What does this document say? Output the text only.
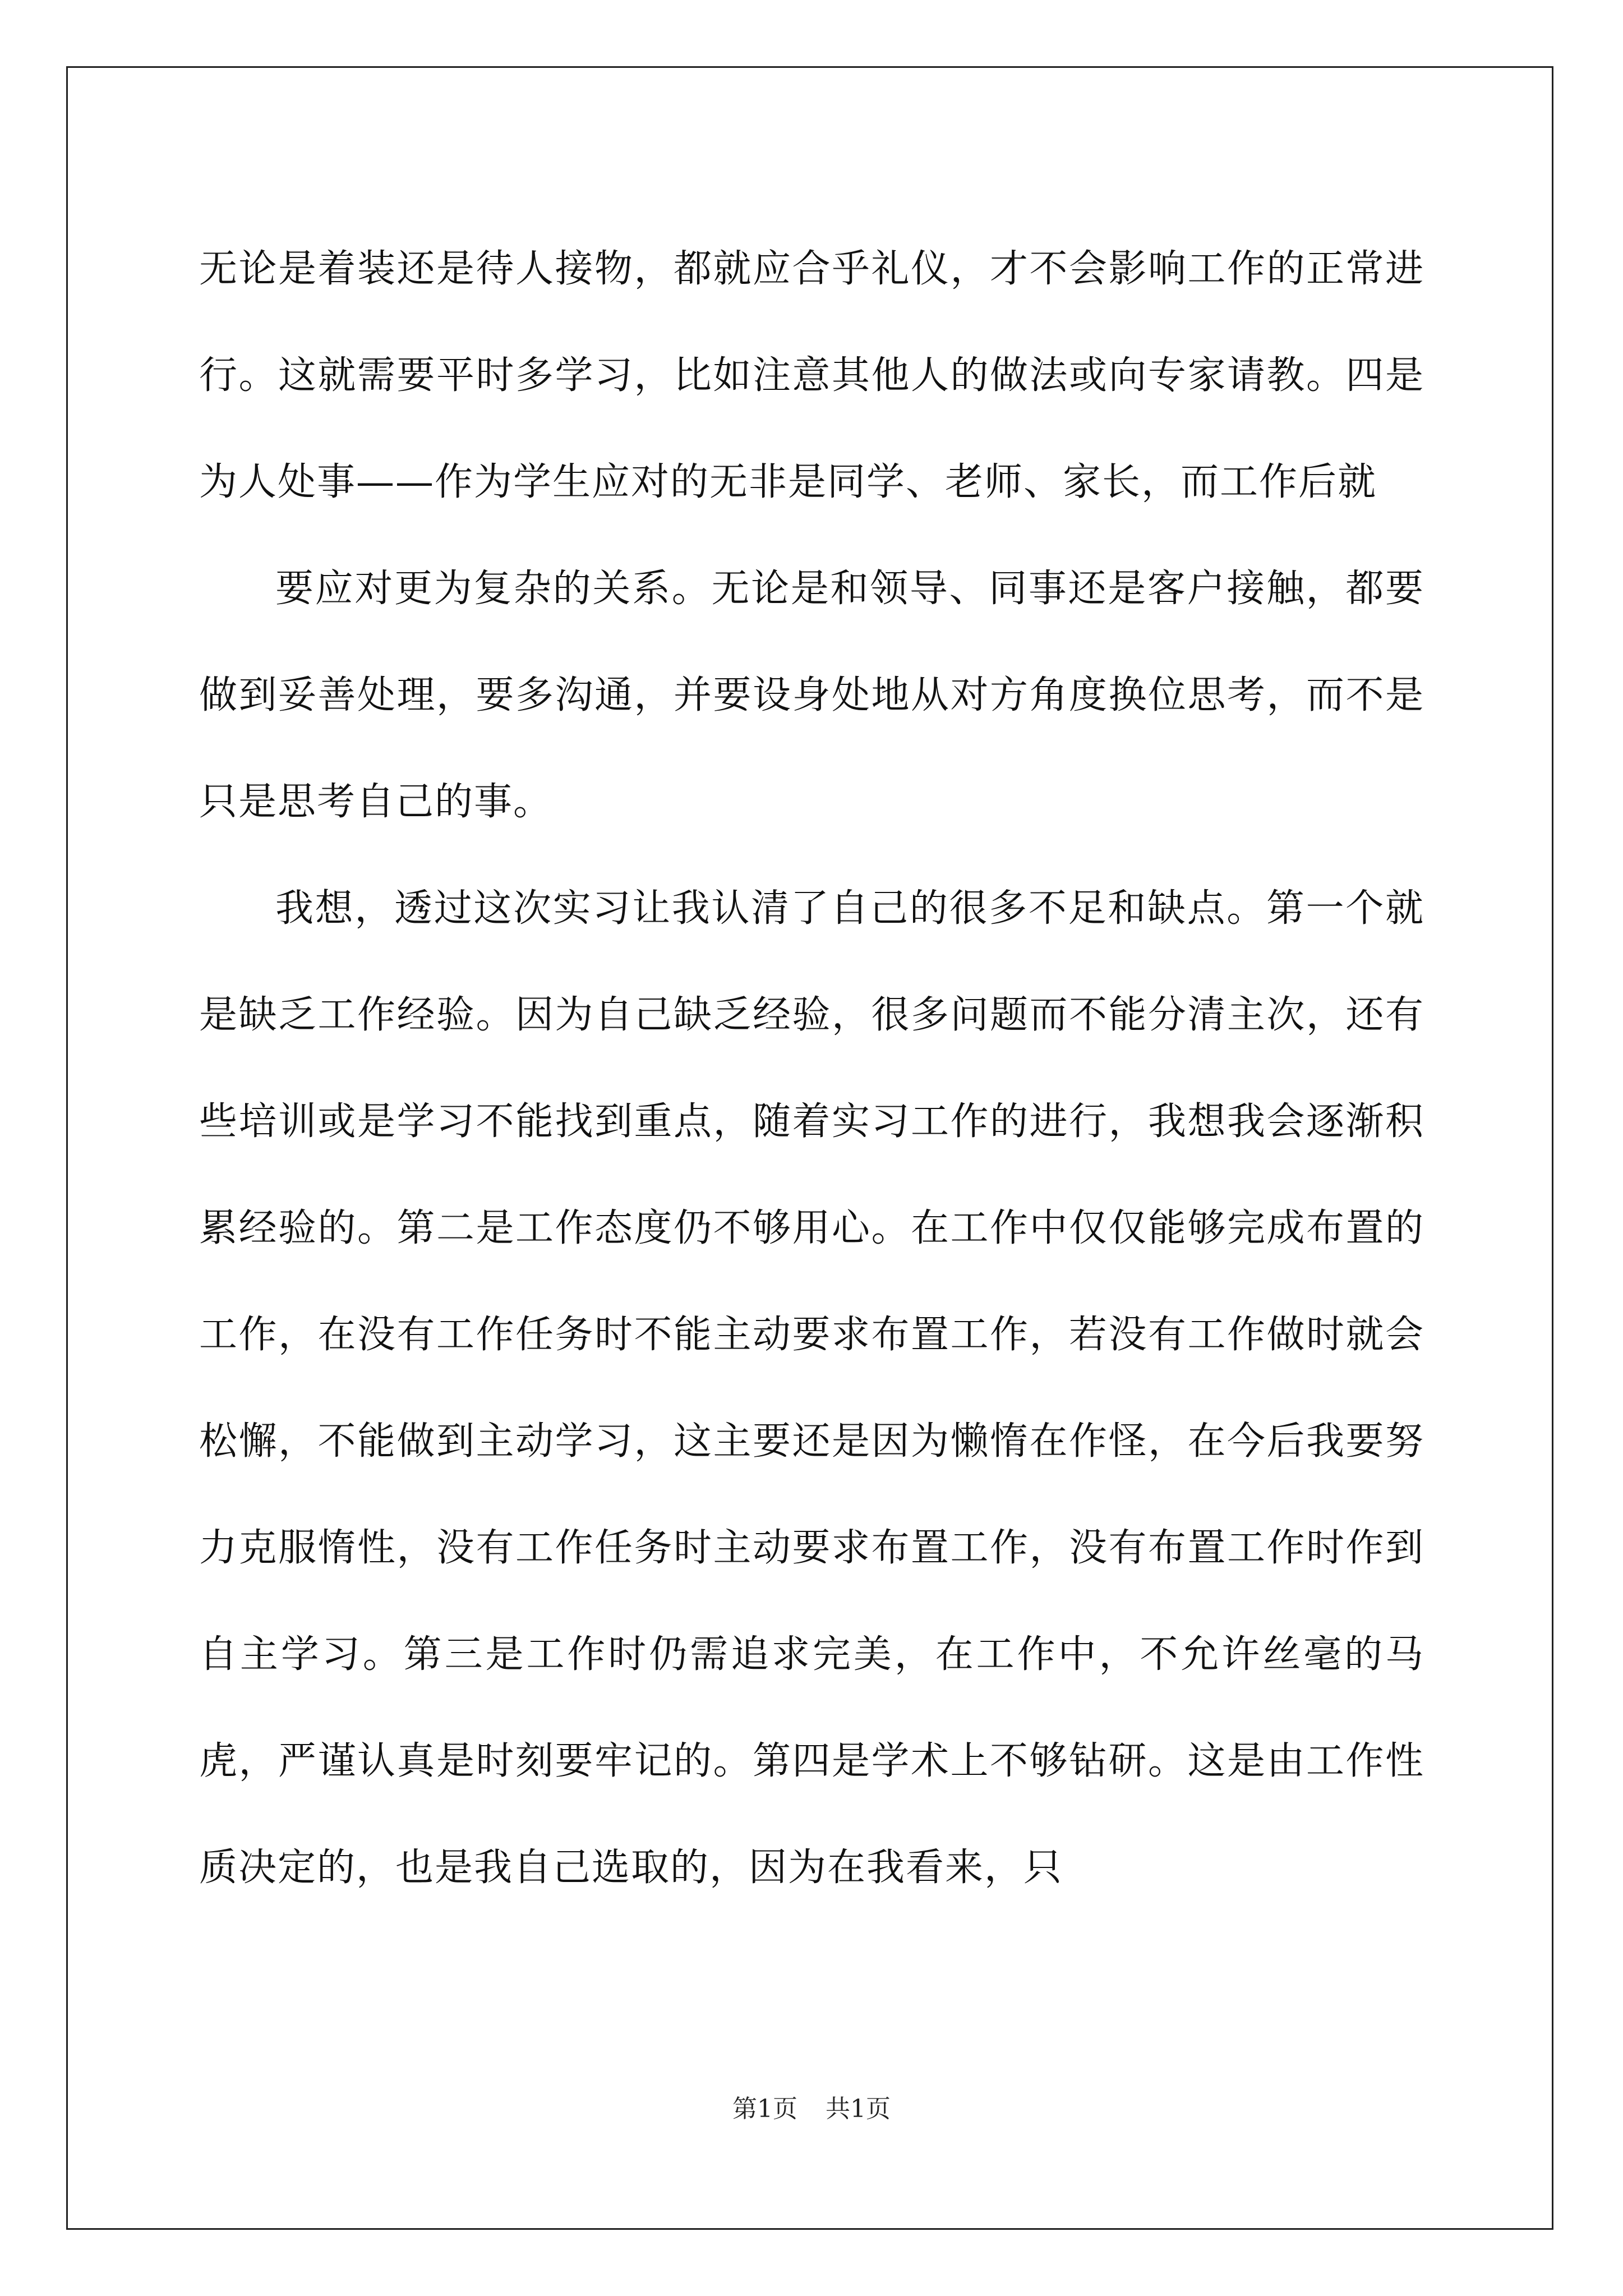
无论是着装还是待人接物，都就应合乎礼仪，才不会影响工作的正常进行。这就需要平时多学习，比如注意其他人的做法或向专家请教。四是为人处事——作为学生应对的无非是同学、老师、家长，而工作后就

要应对更为复杂的关系。无论是和领导、同事还是客户接触，都要做到妥善处理，要多沟通，并要设身处地从对方角度换位思考，而不是只是思考自己的事。

我想，透过这次实习让我认清了自己的很多不足和缺点。第一个就是缺乏工作经验。因为自己缺乏经验，很多问题而不能分清主次，还有些培训或是学习不能找到重点，随着实习工作的进行，我想我会逐渐积累经验的。第二是工作态度仍不够用心。在工作中仅仅能够完成布置的工作，在没有工作任务时不能主动要求布置工作，若没有工作做时就会松懈，不能做到主动学习，这主要还是因为懒惰在作怪，在今后我要努力克服惰性，没有工作任务时主动要求布置工作，没有布置工作时作到自主学习。第三是工作时仍需追求完美，在工作中，不允许丝毫的马虎，严谨认真是时刻要牢记的。第四是学术上不够钻研。这是由工作性质决定的，也是我自己选取的，因为在我看来，只

第1页 共1页
